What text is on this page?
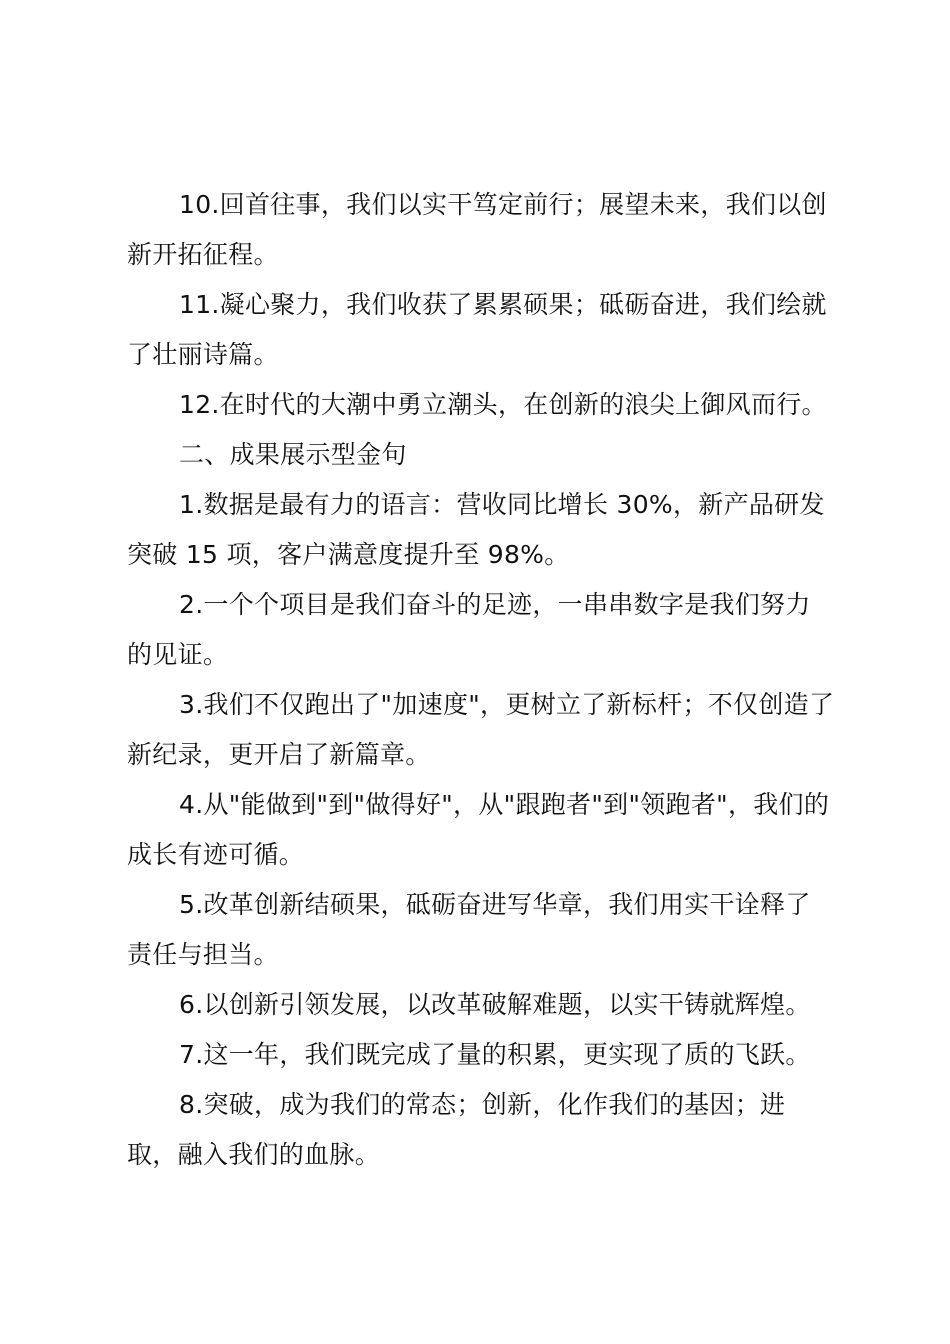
10.回首往事，我们以实干笃定前行；展望未来，我们以创新开拓征程。

11.凝心聚力，我们收获了累累硕果；砥砺奋进，我们绘就了壮丽诗篇。

12.在时代的大潮中勇立潮头，在创新的浪尖上御风而行。

二、成果展示型金句

1.数据是最有力的语言：营收同比增长 30%，新产品研发突破 15 项，客户满意度提升至 98%。

2.一个个项目是我们奋斗的足迹，一串串数字是我们努力的见证。

3.我们不仅跑出了"加速度"，更树立了新标杆；不仅创造了新纪录，更开启了新篇章。

4.从"能做到"到"做得好"，从"跟跑者"到"领跑者"，我们的成长有迹可循。

5.改革创新结硕果，砥砺奋进写华章，我们用实干诠释了责任与担当。

6.以创新引领发展，以改革破解难题，以实干铸就辉煌。

7.这一年，我们既完成了量的积累，更实现了质的飞跃。

8.突破，成为我们的常态；创新，化作我们的基因；进取，融入我们的血脉。
